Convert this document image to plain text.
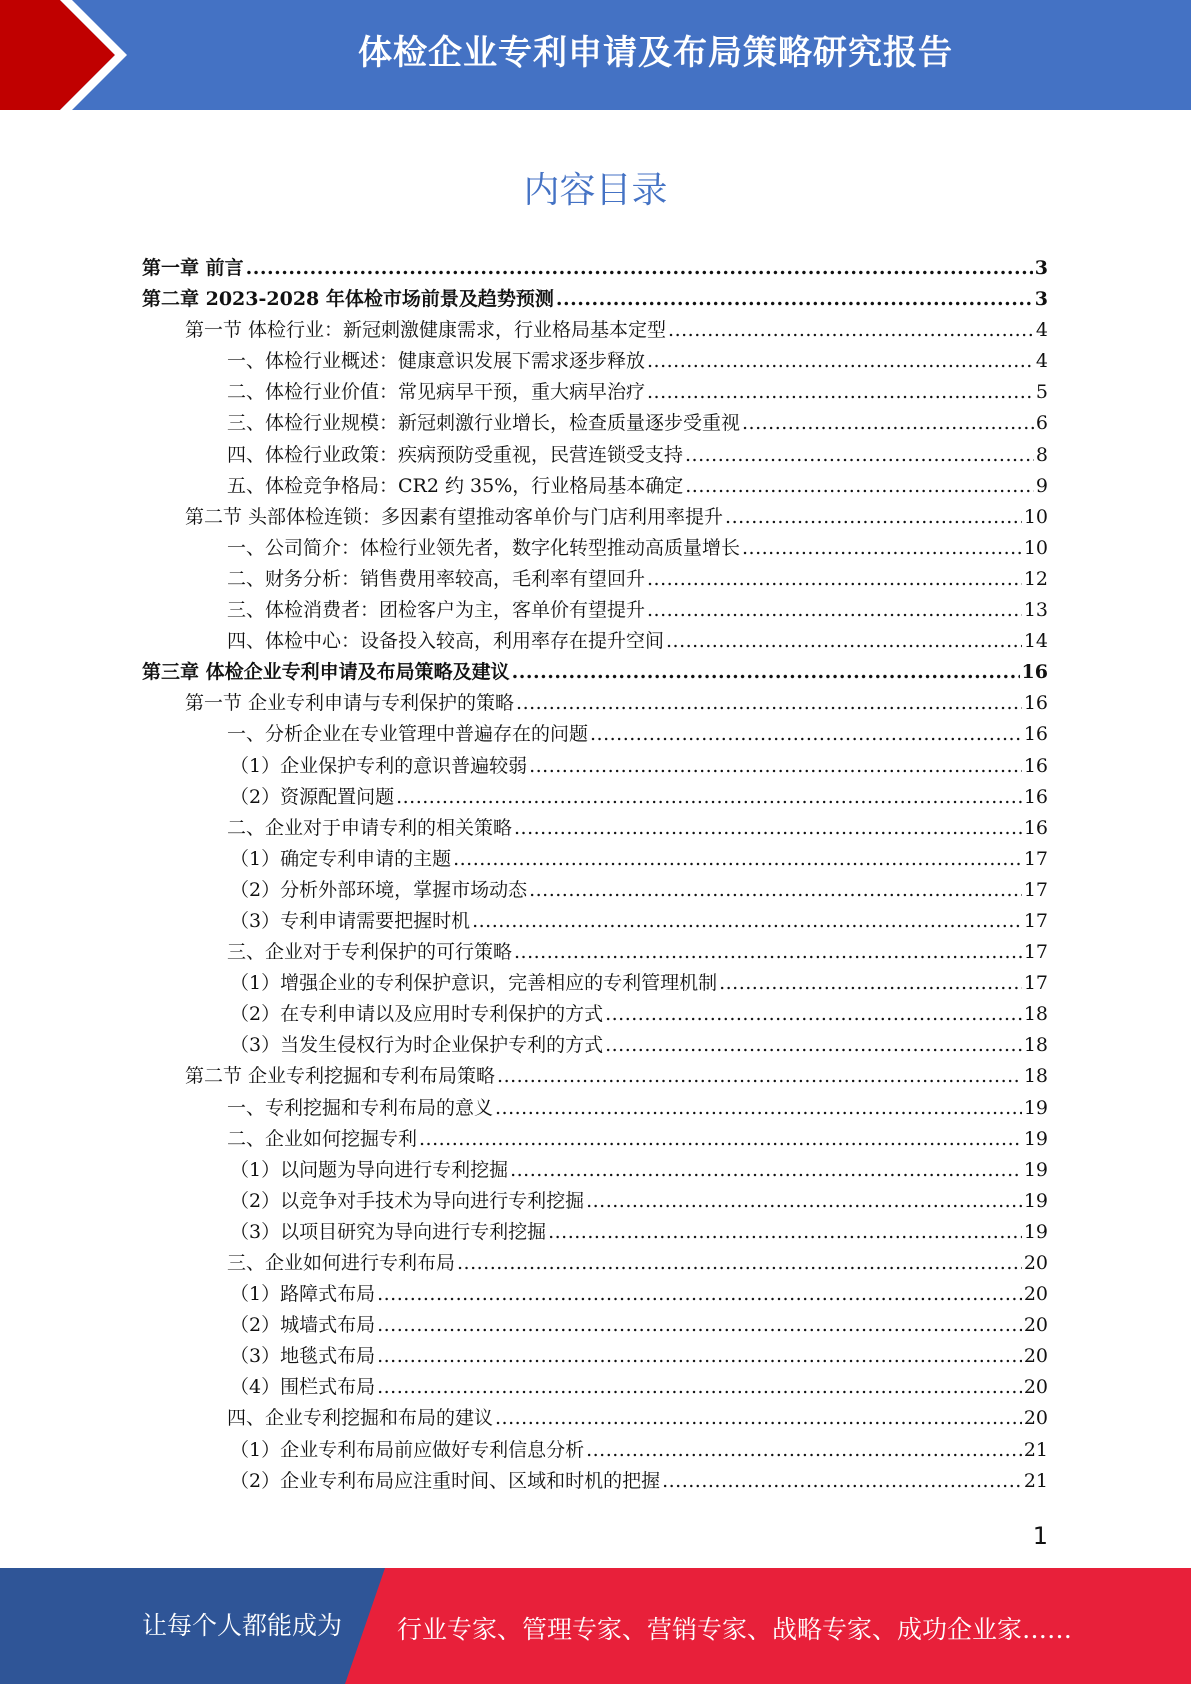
体检企业专利申请及布局策略研究报告
内容目录
第一章 前言 .....	3
第二章 2023-2028 年体检市场前景及趋势预测 .....	3
第一节 体检行业：新冠刺激健康需求，行业格局基本定型 .....	4
一、体检行业概述：健康意识发展下需求逐步释放 .....	4
二、体检行业价值：常见病早干预，重大病早治疗 .....	5
三、体检行业规模：新冠刺激行业增长，检查质量逐步受重视 .....	6
四、体检行业政策：疾病预防受重视，民营连锁受支持 .....	8
五、体检竞争格局：CR2 约 35%，行业格局基本确定 .....	9
第二节 头部体检连锁：多因素有望推动客单价与门店利用率提升 .....	10
一、公司简介：体检行业领先者，数字化转型推动高质量增长 .....	10
二、财务分析：销售费用率较高，毛利率有望回升 .....	12
三、体检消费者：团检客户为主，客单价有望提升 .....	13
四、体检中心：设备投入较高，利用率存在提升空间 .....	14
第三章 体检企业专利申请及布局策略及建议 .....	16
第一节 企业专利申请与专利保护的策略 .....	16
一、分析企业在专业管理中普遍存在的问题 .....	16
（1）企业保护专利的意识普遍较弱 .....	16
（2）资源配置问题 .....	16
二、企业对于申请专利的相关策略 .....	16
（1）确定专利申请的主题 .....	17
（2）分析外部环境，掌握市场动态 .....	17
（3）专利申请需要把握时机 .....	17
三、企业对于专利保护的可行策略 .....	17
（1）增强企业的专利保护意识，完善相应的专利管理机制 .....	17
（2）在专利申请以及应用时专利保护的方式 .....	18
（3）当发生侵权行为时企业保护专利的方式 .....	18
第二节 企业专利挖掘和专利布局策略 .....	18
一、专利挖掘和专利布局的意义 .....	19
二、企业如何挖掘专利 .....	19
（1）以问题为导向进行专利挖掘 .....	19
（2）以竞争对手技术为导向进行专利挖掘 .....	19
（3）以项目研究为导向进行专利挖掘 .....	19
三、企业如何进行专利布局 .....	20
（1）路障式布局 .....	20
（2）城墙式布局 .....	20
（3）地毯式布局 .....	20
（4）围栏式布局 .....	20
四、企业专利挖掘和布局的建议 .....	20
（1）企业专利布局前应做好专利信息分析 .....	21
（2）企业专利布局应注重时间、区域和时机的把握 .....	21
1
让每个人都能成为 行业专家、管理专家、营销专家、战略专家、成功企业家……
